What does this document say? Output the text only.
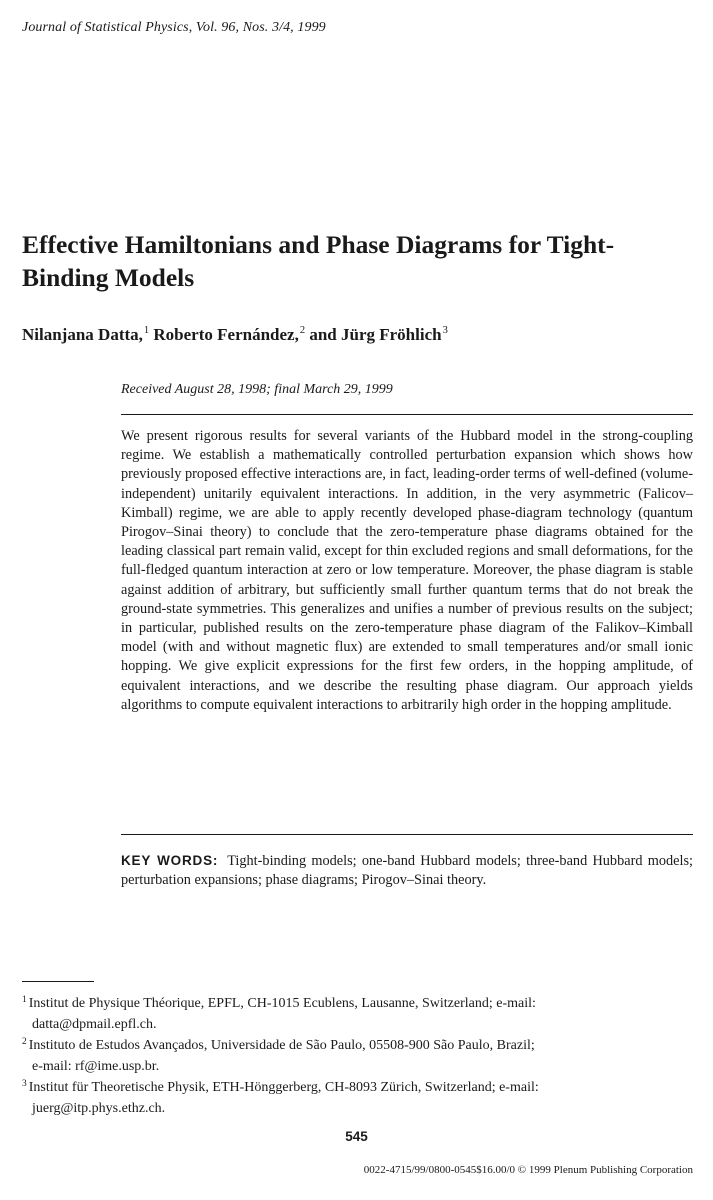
Journal of Statistical Physics, Vol. 96, Nos. 3/4, 1999
Effective Hamiltonians and Phase Diagrams for Tight-Binding Models
Nilanjana Datta,$^1$ Roberto Fernández,$^2$ and Jürg Fröhlich$^3$
Received August 28, 1998; final March 29, 1999
We present rigorous results for several variants of the Hubbard model in the strong-coupling regime. We establish a mathematically controlled perturbation expansion which shows how previously proposed effective interactions are, in fact, leading-order terms of well-defined (volume-independent) unitarily equivalent interactions. In addition, in the very asymmetric (Falicov–Kimball) regime, we are able to apply recently developed phase-diagram technology (quantum Pirogov–Sinai theory) to conclude that the zero-temperature phase diagrams obtained for the leading classical part remain valid, except for thin excluded regions and small deformations, for the full-fledged quantum interaction at zero or low temperature. Moreover, the phase diagram is stable against addition of arbitrary, but sufficiently small further quantum terms that do not break the ground-state symmetries. This generalizes and unifies a number of previous results on the subject; in particular, published results on the zero-temperature phase diagram of the Falikov–Kimball model (with and without magnetic flux) are extended to small temperatures and/or small ionic hopping. We give explicit expressions for the first few orders, in the hopping amplitude, of equivalent interactions, and we describe the resulting phase diagram. Our approach yields algorithms to compute equivalent interactions to arbitrarily high order in the hopping amplitude.
KEY WORDS: Tight-binding models; one-band Hubbard models; three-band Hubbard models; perturbation expansions; phase diagrams; Pirogov–Sinai theory.
$^1$ Institut de Physique Théorique, EPFL, CH-1015 Ecublens, Lausanne, Switzerland; e-mail:
datta@dpmail.epfl.ch.
$^2$ Instituto de Estudos Avançados, Universidade de São Paulo, 05508-900 São Paulo, Brazil;
e-mail: rf@ime.usp.br.
$^3$ Institut für Theoretische Physik, ETH-Hönggerberg, CH-8093 Zürich, Switzerland; e-mail:
juerg@itp.phys.ethz.ch.
545
0022-4715/99/0800-0545$16.00/0 © 1999 Plenum Publishing Corporation
